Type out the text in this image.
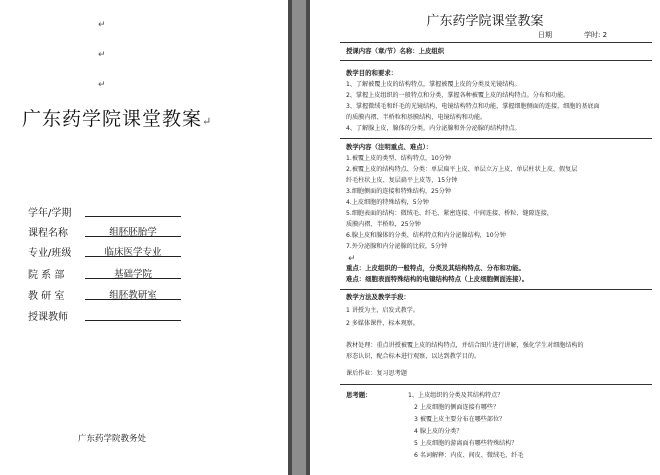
↵
↵
↵
广东药学院课堂教案↵
学年/学期
课程名称	组胚胚胎学
专业/班级	临床医学专业
院 系 部	基础学院
教 研 室	组胚教研室
授课教师
广东药学院教务处
广东药学院课堂教案
日期	学时: 2
授课内容（章/节）名称：上皮组织
教学目的和要求：
1、了解被覆上皮的结构特点，掌握被覆上皮的分类及光镜结构。
2、掌握上皮组织的一般特点和分类，掌握各种被覆上皮的结构特点。分布和功能。
3、掌握微绒毛和纤毛的光镜结构，电镜结构特点和功能，掌握细胞侧面的连接，细胞的基底面
的质膜内褶、半桥粒和基膜结构，电镜结构和功能。
4、了解腺上皮，腺体的分类，内分泌腺和外分泌腺的结构特点。
教学内容（注明重点、难点）：
1.被覆上皮的类型、结构特点，10分钟
2.被覆上皮的结构特点、分类：单层扁平上皮、单层立方上皮、单层柱状上皮、假复层
纤毛柱状上皮、复层扁平上皮等，15分钟
3.细胞侧面的连接和特殊结构，25分钟
4.上皮细胞的特殊结构，5分钟
5.细胞表面的结构：微绒毛、纤毛、紧密连接、中间连接、桥粒、缝隙连接，
质膜内褶、半桥粒，25分钟
6.腺上皮和腺体的分类、结构特点和内分泌腺结构，10分钟
7.外分泌腺和内分泌腺的比较，5分钟
↵
重点：上皮组织的一般特点，分类及其结构特点、分布和功能。
难点：细胞表面特殊结构的电镜结构特点（上皮细胞侧面连接）。
教学方法及教学手段：
1 讲授为主，启发式教学。
2 多媒体课件、标本观察。
教材处理：重点讲授被覆上皮的结构特点，并结合图片进行讲解，强化学生对细胞结构的
形态认识，配合标本进行观察，以达到教学目的。
课后作业：复习思考题
思考题：	1、上皮组织的分类及其结构特点？
2 上皮细胞的侧面连接有哪些？
3 被覆上皮主要分布在哪些部位？
4 腺上皮的分类？
5 上皮细胞的游离面有哪些特殊结构？
6 名词解释：内皮、间皮、微绒毛、纤毛
